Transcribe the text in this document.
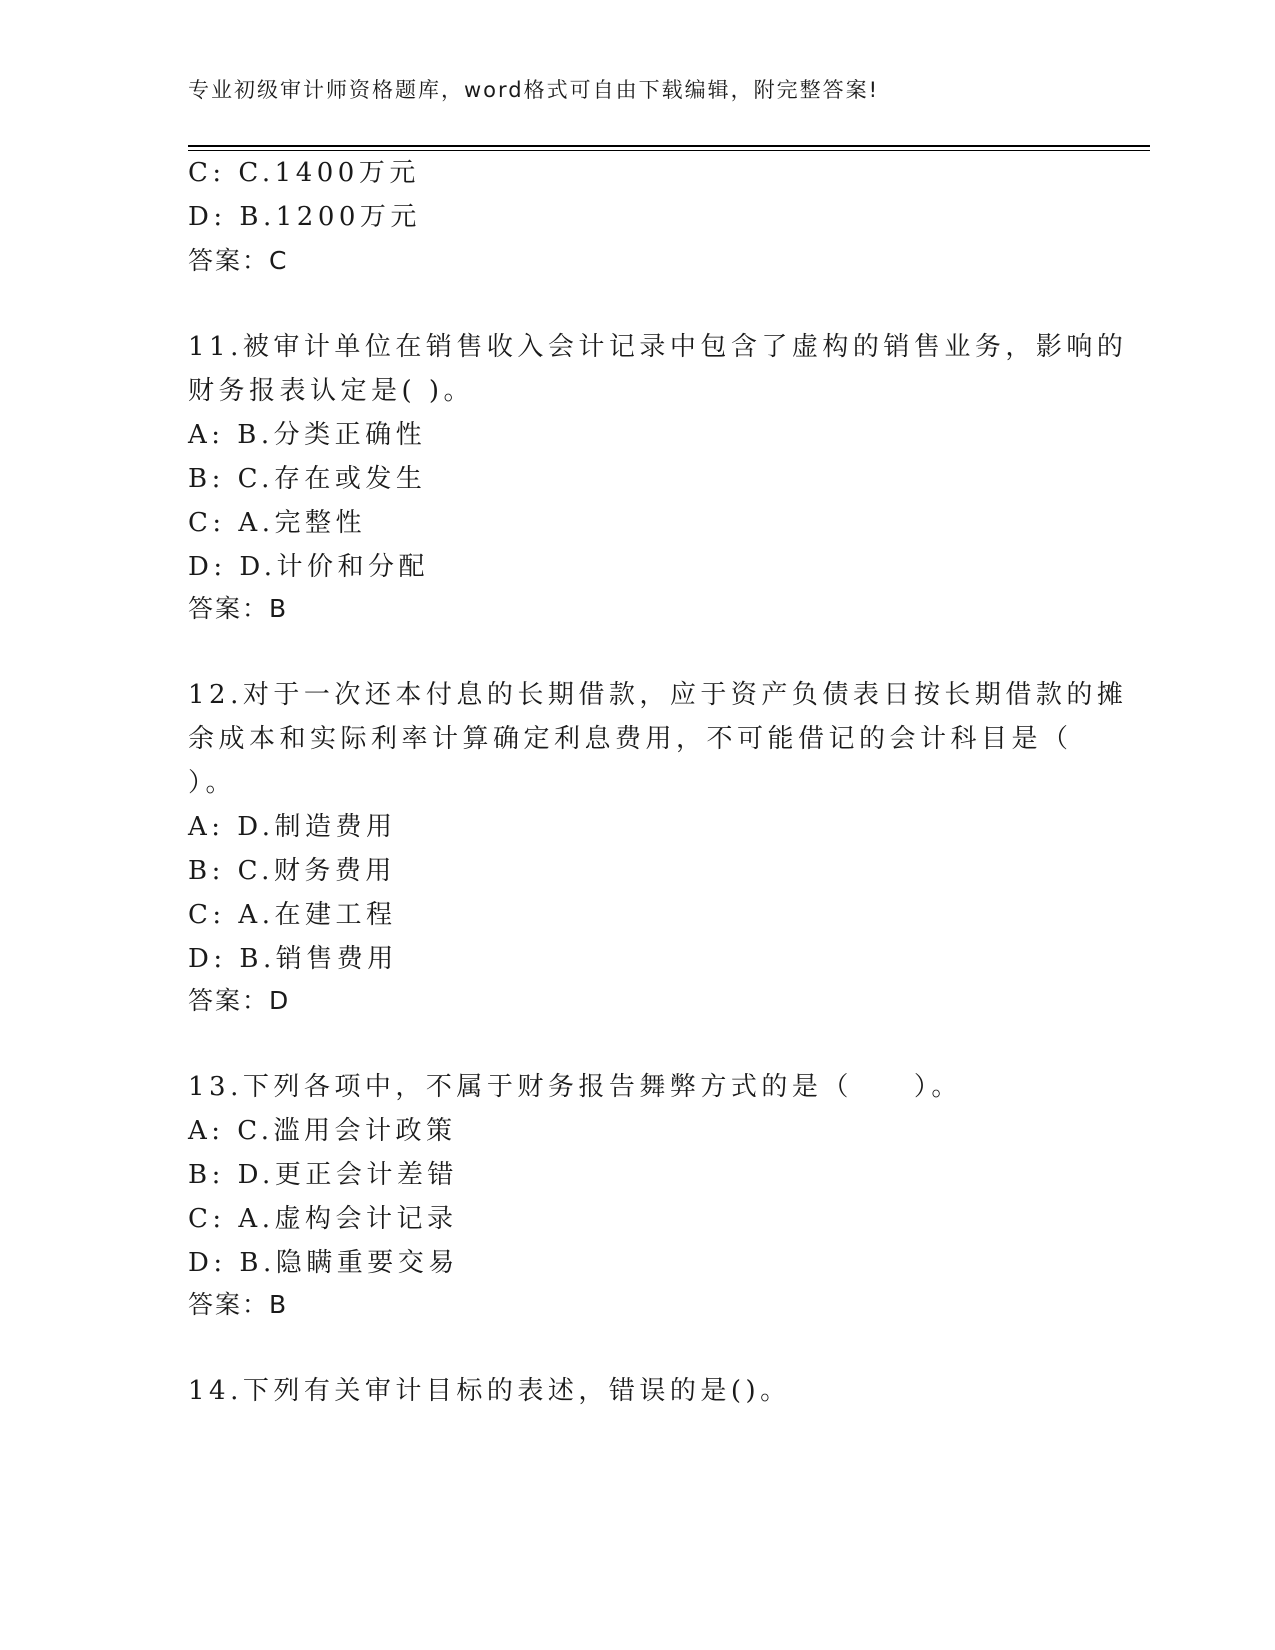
专业初级审计师资格题库，word格式可自由下载编辑，附完整答案!
C: C.1400万元
D: B.1200万元
答案：C
11.被审计单位在销售收入会计记录中包含了虚构的销售业务，影响的
财务报表认定是( )。
A: B.分类正确性
B: C.存在或发生
C: A.完整性
D: D.计价和分配
答案：B
12.对于一次还本付息的长期借款，应于资产负债表日按长期借款的摊
余成本和实际利率计算确定利息费用，不可能借记的会计科目是（
）。
A: D.制造费用
B: C.财务费用
C: A.在建工程
D: B.销售费用
答案：D
13.下列各项中，不属于财务报告舞弊方式的是（　　）。
A: C.滥用会计政策
B: D.更正会计差错
C: A.虚构会计记录
D: B.隐瞒重要交易
答案：B
14.下列有关审计目标的表述，错误的是()。
